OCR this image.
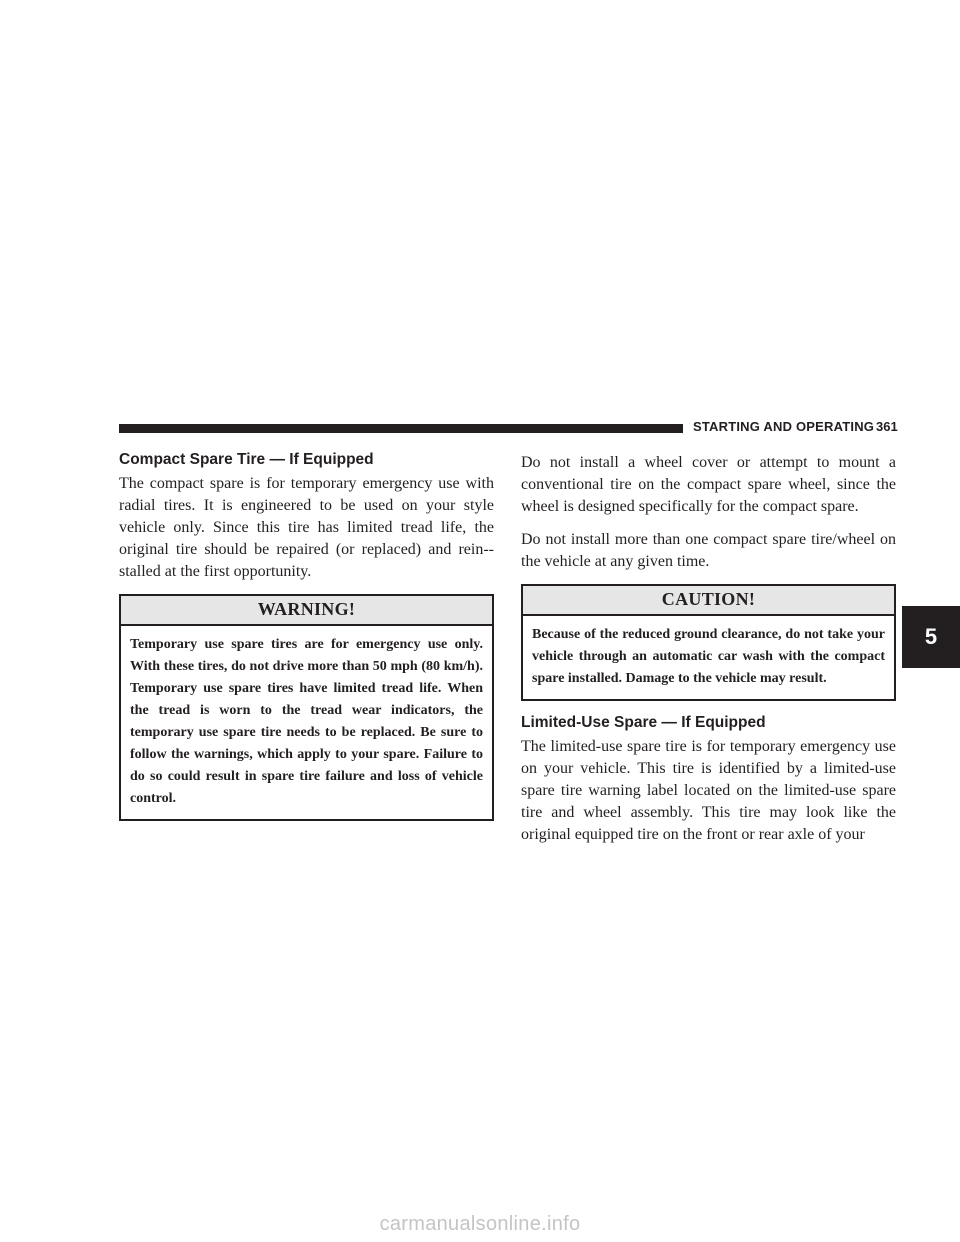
STARTING AND OPERATING 361
Compact Spare Tire — If Equipped

The compact spare is for temporary emergency use with radial tires. It is engineered to be used on your style vehicle only. Since this tire has limited tread life, the original tire should be repaired (or replaced) and rein-stalled at the first opportunity.

WARNING!
Temporary use spare tires are for emergency use only. With these tires, do not drive more than 50 mph (80 km/h). Temporary use spare tires have limited tread life. When the tread is worn to the tread wear indicators, the temporary use spare tire needs to be replaced. Be sure to follow the warnings, which apply to your spare. Failure to do so could result in spare tire failure and loss of vehicle control.

Do not install a wheel cover or attempt to mount a conventional tire on the compact spare wheel, since the wheel is designed specifically for the compact spare.

Do not install more than one compact spare tire/wheel on the vehicle at any given time.

CAUTION!
Because of the reduced ground clearance, do not take your vehicle through an automatic car wash with the compact spare installed. Damage to the vehicle may result.
Limited-Use Spare — If Equipped

The limited-use spare tire is for temporary emergency use on your vehicle. This tire is identified by a limited-use spare tire warning label located on the limited-use spare tire and wheel assembly. This tire may look like the original equipped tire on the front or rear axle of your

5
carmanualsonline.info
